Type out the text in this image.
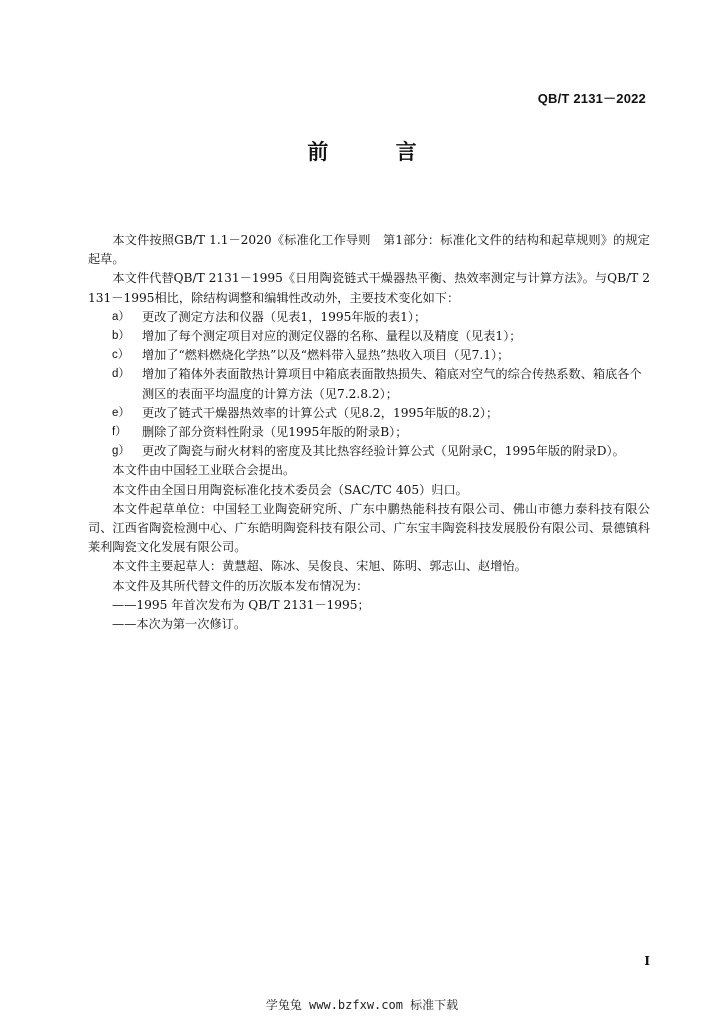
QB/T 2131－2022
前 言

本文件按照GB/T 1.1－2020《标准化工作导则　第1部分：标准化文件的结构和起草规则》的规定起草。

本文件代替QB/T 2131－1995《日用陶瓷链式干燥器热平衡、热效率测定与计算方法》。与QB/T 2131－1995相比，除结构调整和编辑性改动外，主要技术变化如下：

a） 更改了测定方法和仪器（见表1，1995年版的表1）；
b） 增加了每个测定项目对应的测定仪器的名称、量程以及精度（见表1）；
c）	增加了“燃料燃烧化学热”以及“燃料带入显热”热收入项目（见7.1）；
d） 增加了箱体外表面散热计算项目中箱底表面散热损失、箱底对空气的综合传热系数、箱底各个测区的表面平均温度的计算方法（见7.2.8.2）；
e） 更改了链式干燥器热效率的计算公式（见8.2，1995年版的8.2）；
f）	删除了部分资料性附录（见1995年版的附录B）；
g） 更改了陶瓷与耐火材料的密度及其比热容经验计算公式（见附录C，1995年版的附录D）。

本文件由中国轻工业联合会提出。

本文件由全国日用陶瓷标准化技术委员会（SAC/TC 405）归口。

本文件起草单位：中国轻工业陶瓷研究所、广东中鹏热能科技有限公司、佛山市德力泰科技有限公司、江西省陶瓷检测中心、广东皓明陶瓷科技有限公司、广东宝丰陶瓷科技发展股份有限公司、景德镇科莱利陶瓷文化发展有限公司。

本文件主要起草人：黄慧超、陈冰、吴俊良、宋旭、陈明、郭志山、赵增怡。

本文件及其所代替文件的历次版本发布情况为：

——1995 年首次发布为 QB/T 2131－1995；

——本次为第一次修订。

I
学兔兔 www.bzfxw.com 标准下载
